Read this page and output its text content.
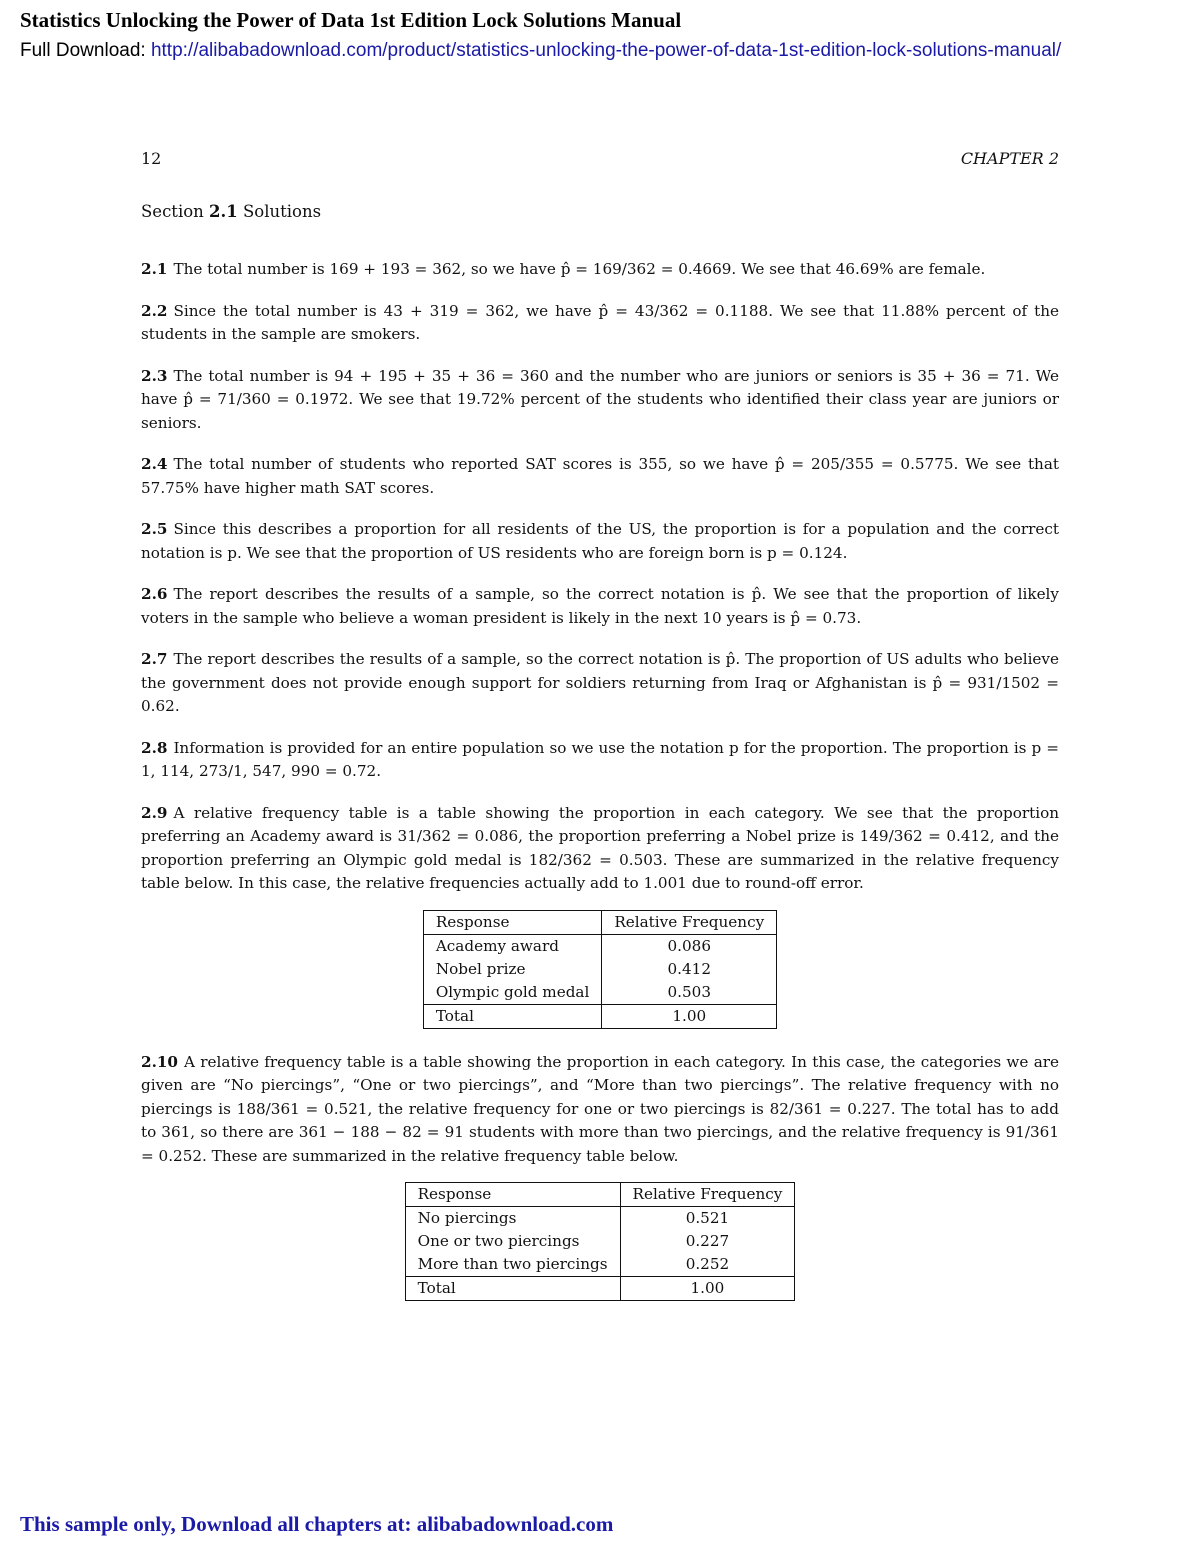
Statistics Unlocking the Power of Data 1st Edition Lock Solutions Manual
Full Download: http://alibabadownload.com/product/statistics-unlocking-the-power-of-data-1st-edition-lock-solutions-manual/
12	CHAPTER 2
Section 2.1 Solutions

2.1 The total number is 169 + 193 = 362, so we have p̂ = 169/362 = 0.4669. We see that 46.69% are female.

2.2 Since the total number is 43 + 319 = 362, we have p̂ = 43/362 = 0.1188. We see that 11.88% percent of the students in the sample are smokers.

2.3 The total number is 94 + 195 + 35 + 36 = 360 and the number who are juniors or seniors is 35 + 36 = 71. We have p̂ = 71/360 = 0.1972. We see that 19.72% percent of the students who identified their class year are juniors or seniors.

2.4 The total number of students who reported SAT scores is 355, so we have p̂ = 205/355 = 0.5775. We see that 57.75% have higher math SAT scores.

2.5 Since this describes a proportion for all residents of the US, the proportion is for a population and the correct notation is p. We see that the proportion of US residents who are foreign born is p = 0.124.

2.6 The report describes the results of a sample, so the correct notation is p̂. We see that the proportion of likely voters in the sample who believe a woman president is likely in the next 10 years is p̂ = 0.73.

2.7 The report describes the results of a sample, so the correct notation is p̂. The proportion of US adults who believe the government does not provide enough support for soldiers returning from Iraq or Afghanistan is p̂ = 931/1502 = 0.62.

2.8 Information is provided for an entire population so we use the notation p for the proportion. The proportion is p = 1, 114, 273/1, 547, 990 = 0.72.

2.9 A relative frequency table is a table showing the proportion in each category. We see that the proportion preferring an Academy award is 31/362 = 0.086, the proportion preferring a Nobel prize is 149/362 = 0.412, and the proportion preferring an Olympic gold medal is 182/362 = 0.503. These are summarized in the relative frequency table below. In this case, the relative frequencies actually add to 1.001 due to round-off error.

Response	Relative Frequency
Academy award	0.086
Nobel prize	0.412
Olympic gold medal	0.503
Total	1.00

2.10 A relative frequency table is a table showing the proportion in each category. In this case, the categories we are given are “No piercings”, “One or two piercings”, and “More than two piercings”. The relative frequency with no piercings is 188/361 = 0.521, the relative frequency for one or two piercings is 82/361 = 0.227. The total has to add to 361, so there are 361 − 188 − 82 = 91 students with more than two piercings, and the relative frequency is 91/361 = 0.252. These are summarized in the relative frequency table below.

Response	Relative Frequency
No piercings	0.521
One or two piercings	0.227
More than two piercings	0.252
Total	1.00
This sample only, Download all chapters at: alibabadownload.com
